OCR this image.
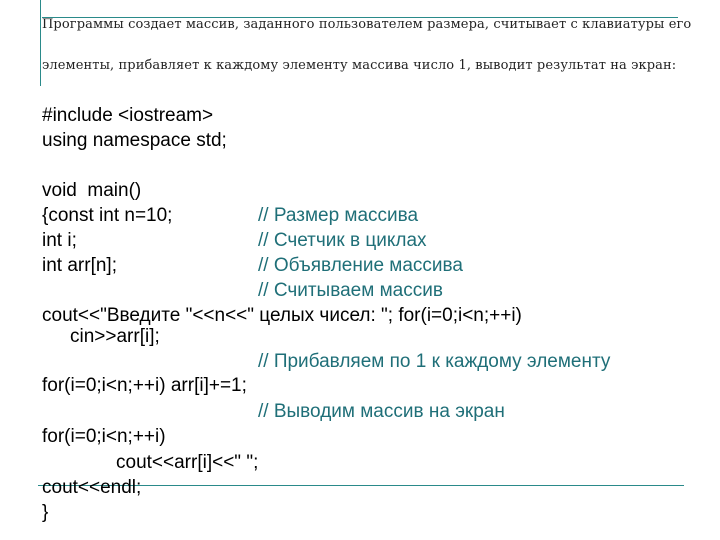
Программы создает массив, заданного пользователем размера, считывает с клавиатуры его
элементы, прибавляет к каждому элементу массива число 1, выводит результат на экран:
#include <iostream>
using namespace std;
void  main()
{const int n=10;
int i;
int arr[n];
cout<<"Введите "<<n<<" целых чисел: "; for(i=0;i<n;++i)
cin>>arr[i];
for(i=0;i<n;++i) arr[i]+=1;
for(i=0;i<n;++i)
cout<<arr[i]<<" ";
cout<<endl;
}
// Размер массива
// Счетчик в циклах
// Объявление массива
// Считываем массив
// Прибавляем по 1 к каждому элементу
// Выводим массив на экран
